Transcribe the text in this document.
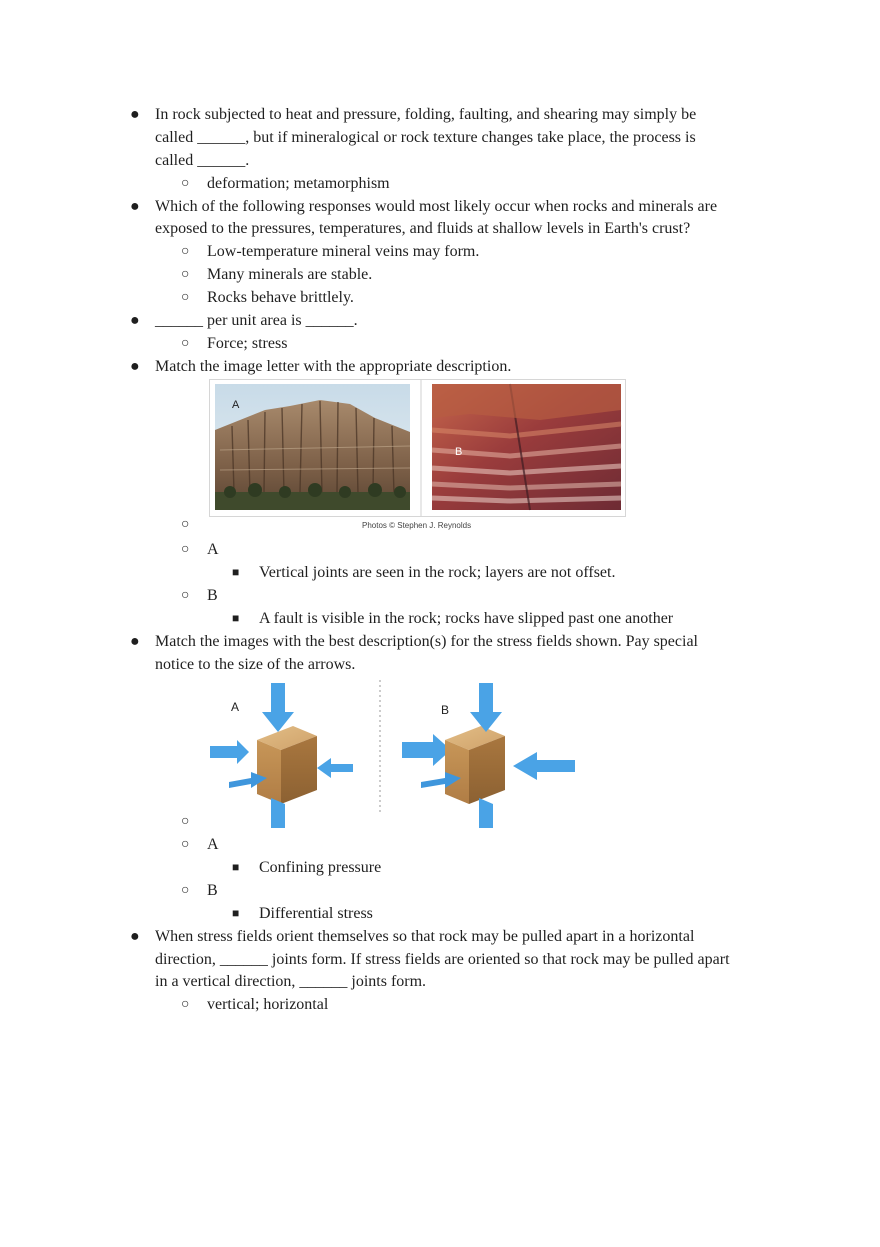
● In rock subjected to heat and pressure, folding, faulting, and shearing may simply be
called ______, but if mineralogical or rock texture changes take place, the process is
called ______.
○ deformation; metamorphism
● Which of the following responses would most likely occur when rocks and minerals are
exposed to the pressures, temperatures, and fluids at shallow levels in Earth's crust?
○ Low-temperature mineral veins may form.
○ Many minerals are stable.
○ Rocks behave brittlely.
● ______ per unit area is ______.
○ Force; stress
● Match the image letter with the appropriate description.
A
B
○	Photos © Stephen J. Reynolds
○ A
■ Vertical joints are seen in the rock; layers are not offset.
○ B
■ A fault is visible in the rock; rocks have slipped past one another
● Match the images with the best description(s) for the stress fields shown. Pay special
notice to the size of the arrows.
A	B
○
○ A
■ Confining pressure
○ B
■ Differential stress
● When stress fields orient themselves so that rock may be pulled apart in a horizontal
direction, ______ joints form. If stress fields are oriented so that rock may be pulled apart
in a vertical direction, ______ joints form.
○ vertical; horizontal
